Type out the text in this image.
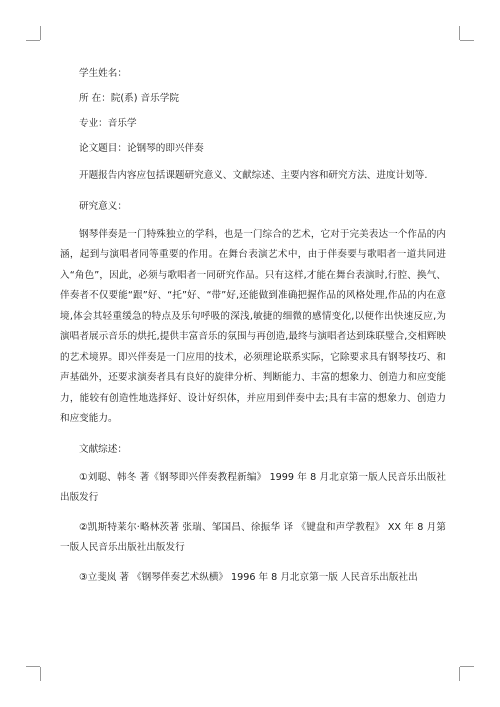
学生姓名：

所 在：院(系) 音乐学院

专业：音乐学

论文题目：论钢琴的即兴伴奏

开题报告内容应包括课题研究意义、文献综述、主要内容和研究方法、进度计划等.

研究意义：

钢琴伴奏是一门特殊独立的学科，也是一门综合的艺术，它对于完美表达一个作品的内涵，起到与演唱者同等重要的作用。在舞台表演艺术中，由于伴奏要与歌唱者一道共同进入“角色”，因此，必须与歌唱者一同研究作品。只有这样,才能在舞台表演时,行腔、换气、伴奏者不仅要能“跟”好、“托”好、“带”好,还能做到准确把握作品的风格处理,作品的内在意境,体会其轻重缓急的特点及乐句呼吸的深浅,敏捷的细微的感情变化,以便作出快速反应,为演唱者展示音乐的烘托,提供丰富音乐的氛围与再创造,最终与演唱者达到珠联璧合,交相辉映的艺术境界。即兴伴奏是一门应用的技术，必须理论联系实际，它除要求具有钢琴技巧、和声基础外，还要求演奏者具有良好的旋律分析、判断能力、丰富的想象力、创造力和应变能力，能较有创造性地选择好、设计好织体，并应用到伴奏中去;具有丰富的想象力、创造力和应变能力。

文献综述：

①刘聪、韩冬 著《钢琴即兴伴奏教程新编》 1999 年 8 月北京第一版人民音乐出版社出版发行

②凯斯特莱尔·略林茨著 张瑞、邹国昌、徐振华 译 《键盘和声学教程》 XX 年 8 月第一版人民音乐出版社出版发行

③立斐岚 著 《钢琴伴奏艺术纵横》 1996 年 8 月北京第一版 人民音乐出版社出
